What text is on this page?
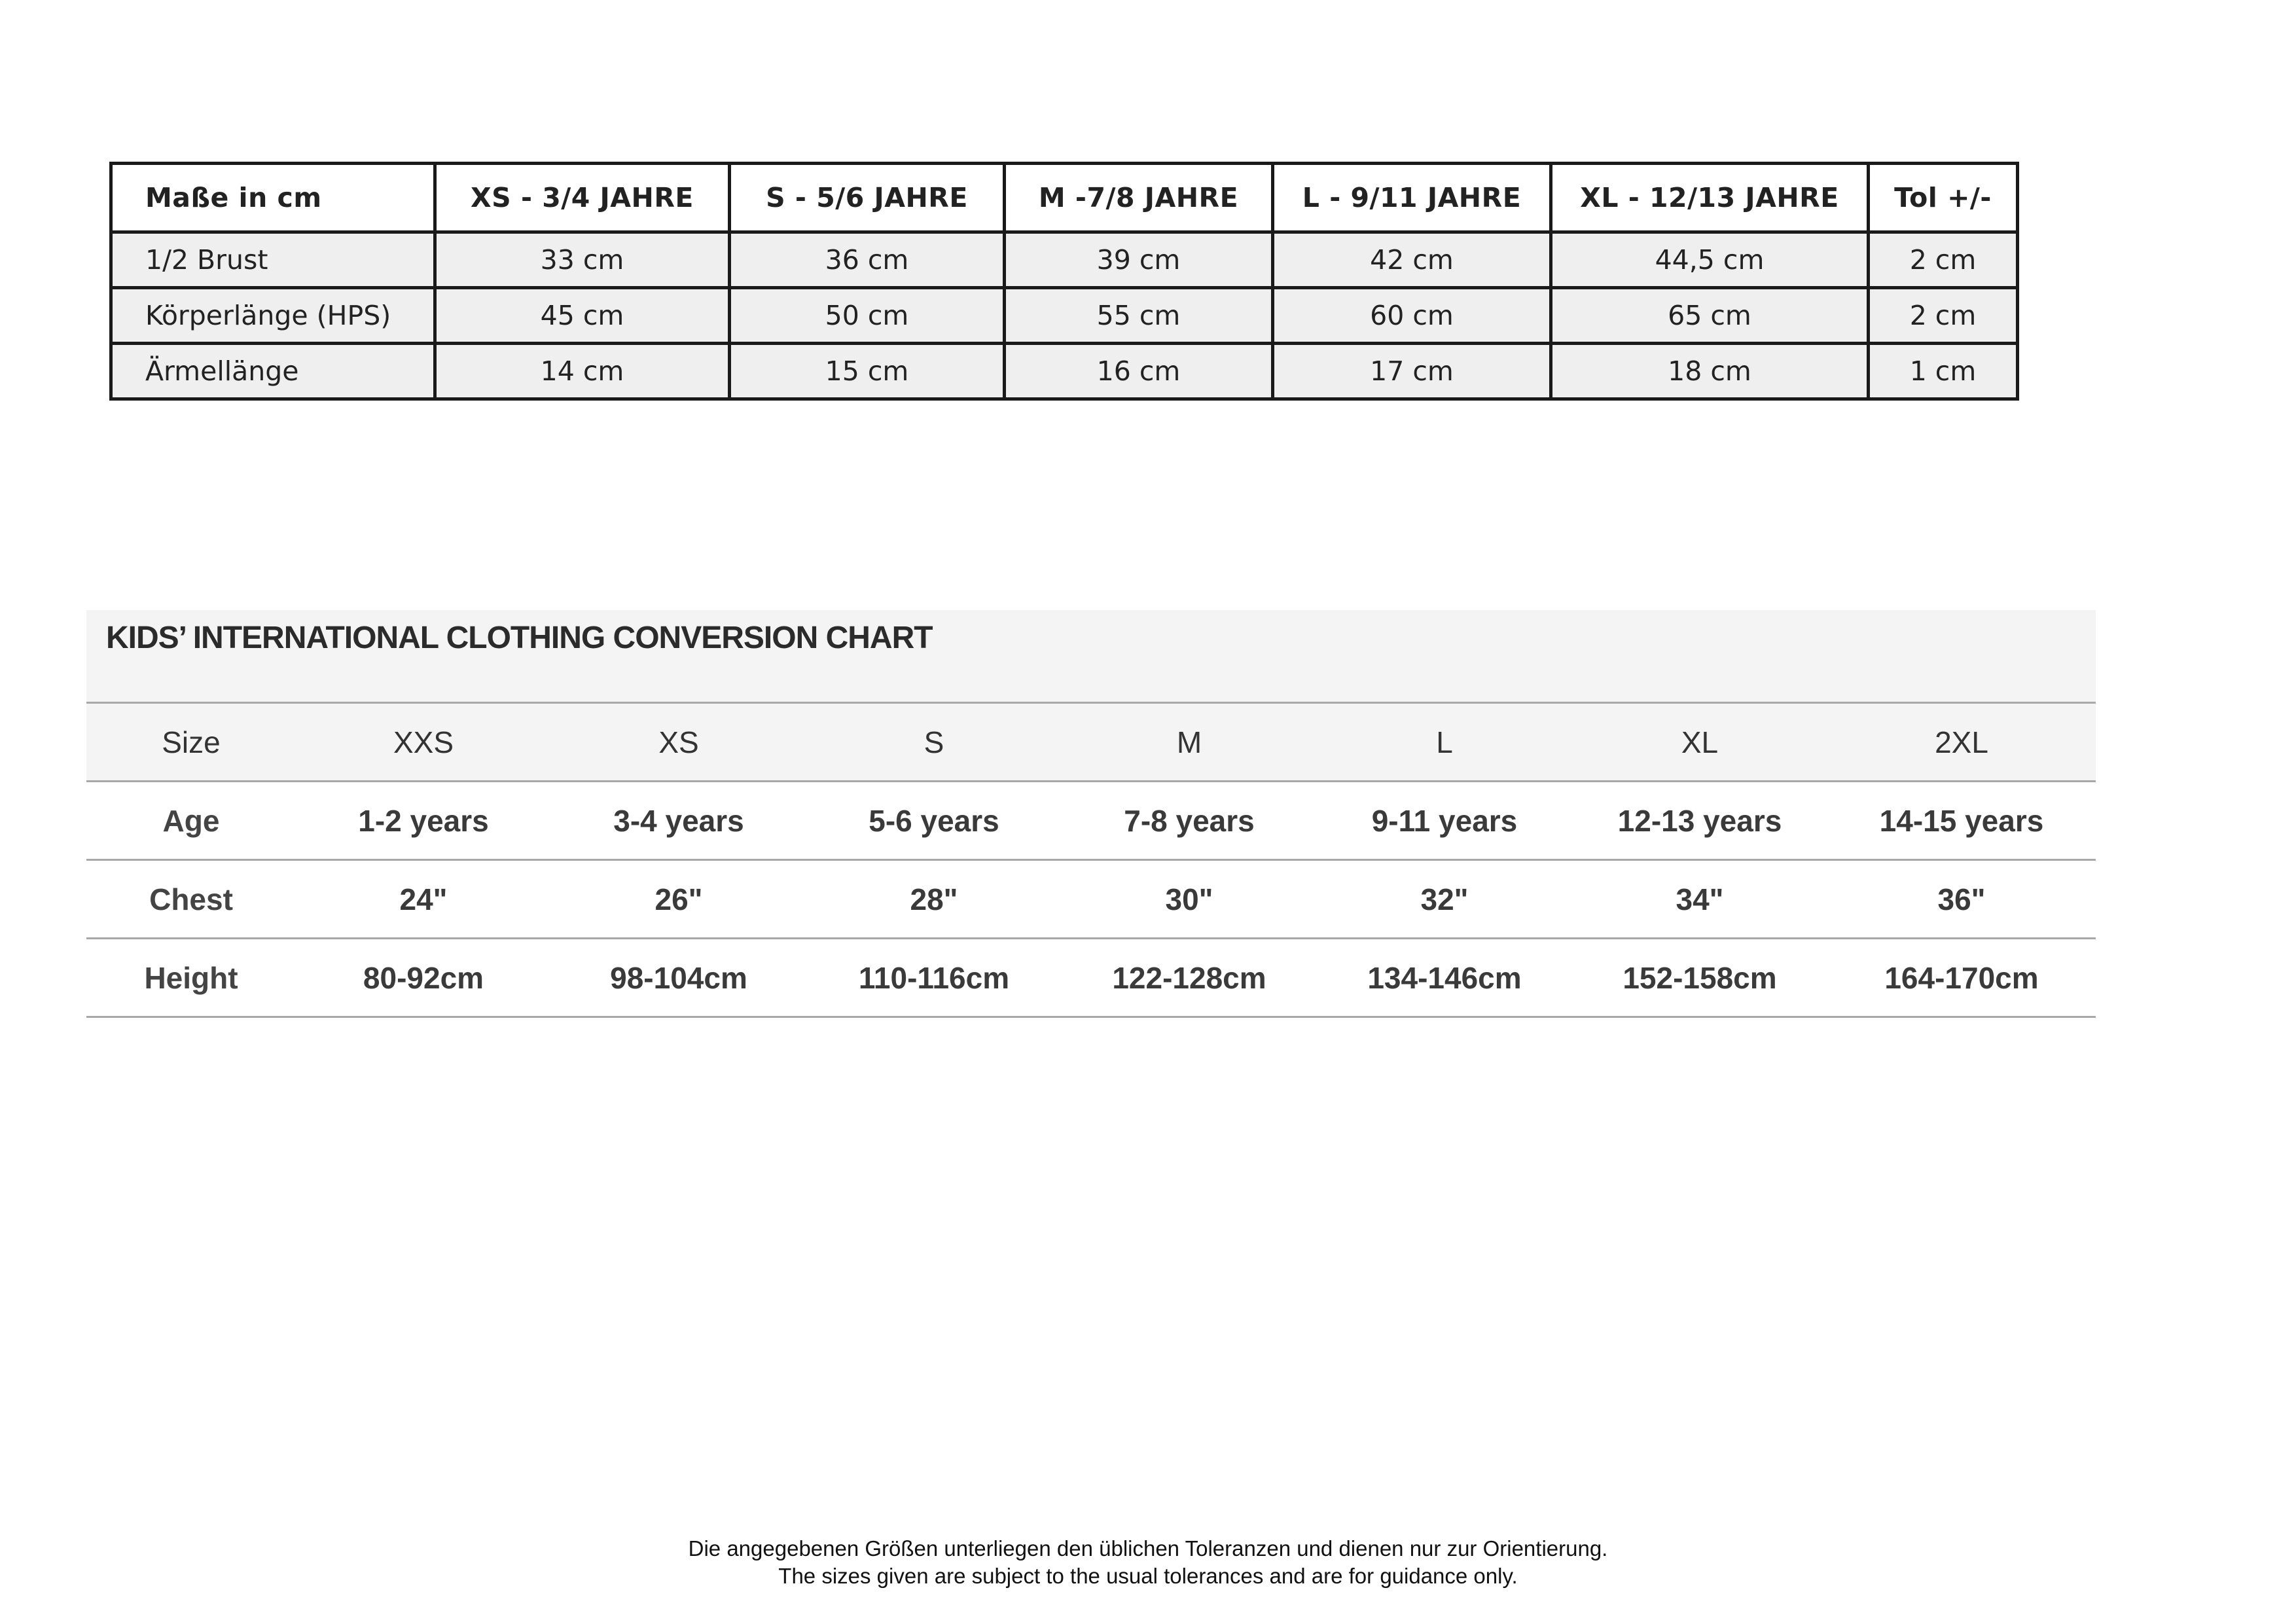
Maße in cm	XS - 3/4 JAHRE	S - 5/6 JAHRE	M -7/8 JAHRE	L - 9/11 JAHRE	XL - 12/13 JAHRE	Tol +/-
1/2 Brust	33 cm	36 cm	39 cm	42 cm	44,5 cm	2 cm
Körperlänge (HPS)	45 cm	50 cm	55 cm	60 cm	65 cm	2 cm
Ärmellänge	14 cm	15 cm	16 cm	17 cm	18 cm	1 cm
KIDS’ INTERNATIONAL CLOTHING CONVERSION CHART
Size	XXS	XS	S	M	L	XL	2XL
Age	1-2 years	3-4 years	5-6 years	7-8 years	9-11 years	12-13 years	14-15 years
Chest	24"	26"	28"	30"	32"	34"	36"
Height	80-92cm	98-104cm	110-116cm	122-128cm	134-146cm	152-158cm	164-170cm
Die angegebenen Größen unterliegen den üblichen Toleranzen und dienen nur zur Orientierung.
The sizes given are subject to the usual tolerances and are for guidance only.
